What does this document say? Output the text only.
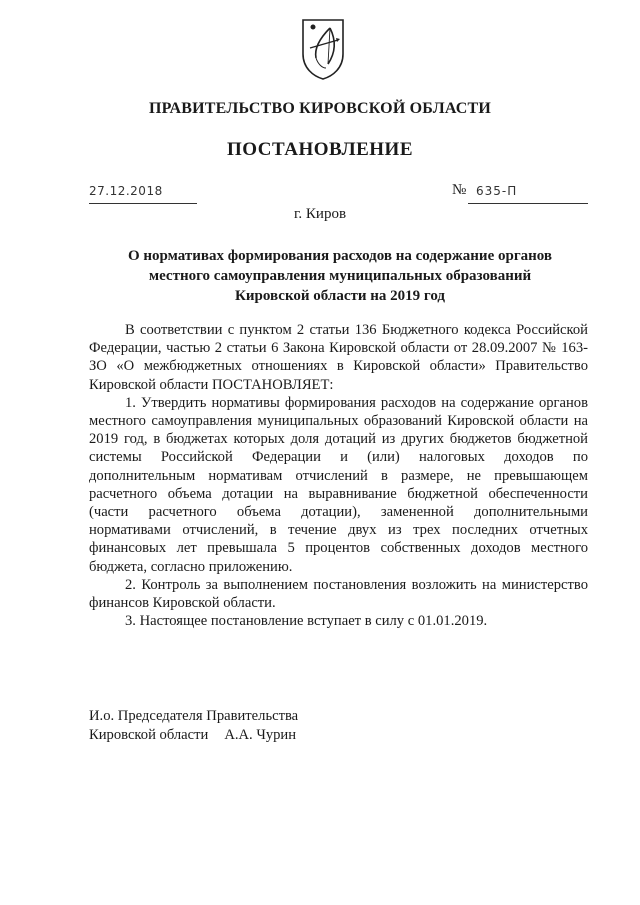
ПРАВИТЕЛЬСТВО КИРОВСКОЙ ОБЛАСТИ
ПОСТАНОВЛЕНИЕ
27.12.2018	№ 635-П
г. Киров
О нормативах формирования расходов на содержание органов
местного самоуправления муниципальных образований
Кировской области на 2019 год

В соответствии с пунктом 2 статьи 136 Бюджетного кодекса Российской Федерации, частью 2 статьи 6 Закона Кировской области от 28.09.2007 № 163-ЗО «О межбюджетных отношениях в Кировской области» Правительство Кировской области ПОСТАНОВЛЯЕТ:

1. Утвердить нормативы формирования расходов на содержание органов местного самоуправления муниципальных образований Кировской области на 2019 год, в бюджетах которых доля дотаций из других бюджетов бюджетной системы Российской Федерации и (или) налоговых доходов по дополнительным нормативам отчислений в размере, не превышающем расчетного объема дотации на выравнивание бюджетной обеспеченности (части расчетного объема дотации), замененной дополнительными нормативами отчислений, в течение двух из трех последних отчетных финансовых лет превышала 5 процентов собственных доходов местного бюджета, согласно приложению.

2. Контроль за выполнением постановления возложить на министерство финансов Кировской области.

3. Настоящее постановление вступает в силу с 01.01.2019.

И.о. Председателя Правительства
Кировской области А.А. Чурин
